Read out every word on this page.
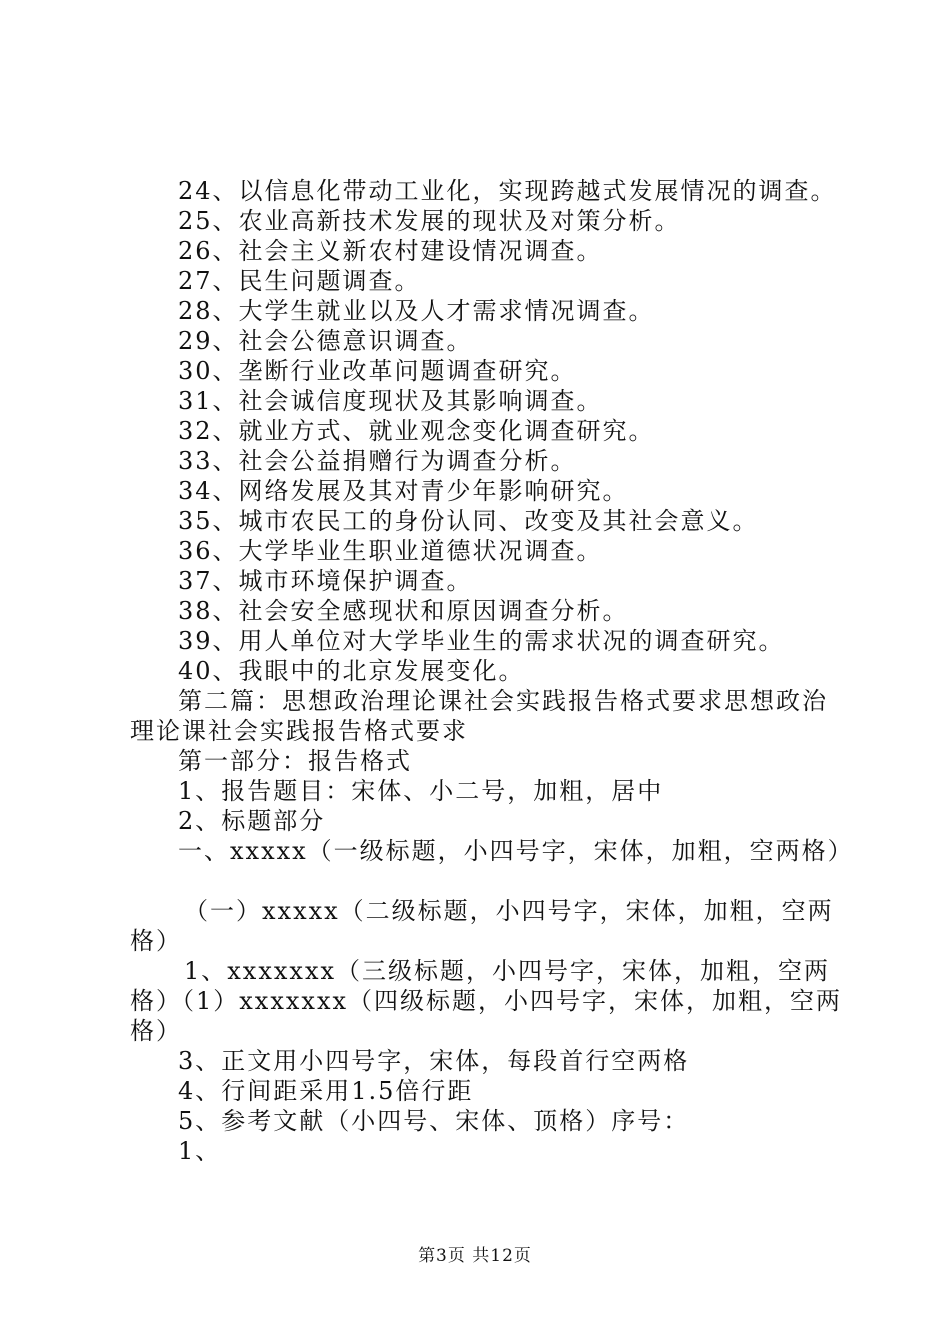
24、以信息化带动工业化，实现跨越式发展情况的调查。
25、农业高新技术发展的现状及对策分析。
26、社会主义新农村建设情况调查。
27、民生问题调查。
28、大学生就业以及人才需求情况调查。
29、社会公德意识调查。
30、垄断行业改革问题调查研究。
31、社会诚信度现状及其影响调查。
32、就业方式、就业观念变化调查研究。
33、社会公益捐赠行为调查分析。
34、网络发展及其对青少年影响研究。
35、城市农民工的身份认同、改变及其社会意义。
36、大学毕业生职业道德状况调查。
37、城市环境保护调查。
38、社会安全感现状和原因调查分析。
39、用人单位对大学毕业生的需求状况的调查研究。
40、我眼中的北京发展变化。
第二篇：思想政治理论课社会实践报告格式要求思想政治
理论课社会实践报告格式要求
第一部分：报告格式
1、报告题目：宋体、小二号，加粗，居中
2、标题部分
一、xxxxx（一级标题，小四号字，宋体，加粗，空两格）
（一）xxxxx（二级标题，小四号字，宋体，加粗，空两
格）
1、xxxxxxx（三级标题，小四号字，宋体，加粗，空两
格）（1）xxxxxxx（四级标题，小四号字，宋体，加粗，空两
格）
3、正文用小四号字，宋体，每段首行空两格
4、行间距采用1.5倍行距
5、参考文献（小四号、宋体、顶格）序号：
1、
第3页 共12页
